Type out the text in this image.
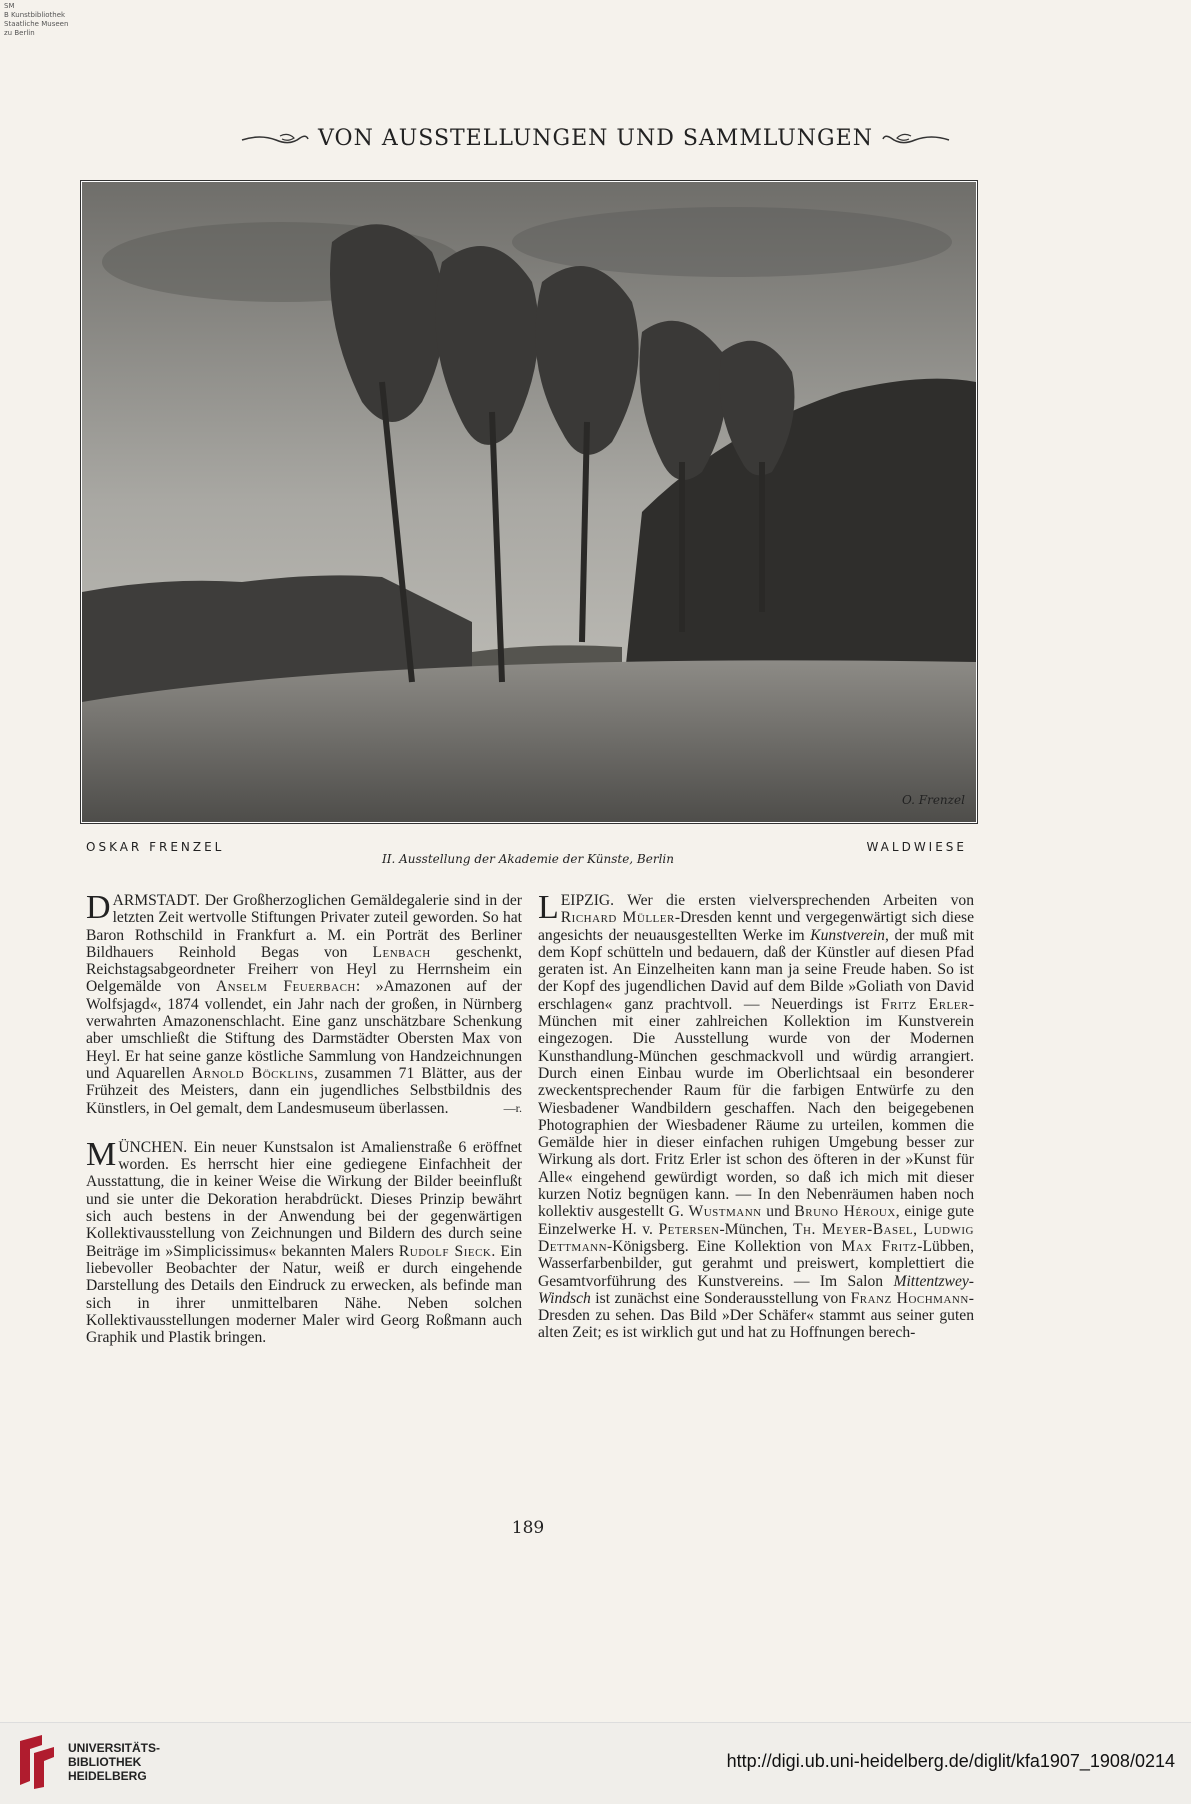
SM
B Kunstbibliothek
Staatliche Museen
zu Berlin
VON AUSSTELLUNGEN UND SAMMLUNGEN
O. Frenzel
OSKAR FRENZEL	WALDWIESE
II. Ausstellung der Akademie der Künste, Berlin

DARMSTADT. Der Großherzoglichen Gemäldegalerie sind in der letzten Zeit wertvolle Stiftungen Privater zuteil geworden. So hat Baron Rothschild in Frankfurt a. M. ein Porträt des Berliner Bildhauers Reinhold Begas von Lenbach geschenkt, Reichstagsabgeordneter Freiherr von Heyl zu Herrnsheim ein Oelgemälde von Anselm Feuerbach: »Amazonen auf der Wolfsjagd«, 1874 vollendet, ein Jahr nach der großen, in Nürnberg verwahrten Amazonenschlacht. Eine ganz unschätzbare Schenkung aber umschließt die Stiftung des Darmstädter Obersten Max von Heyl. Er hat seine ganze köstliche Sammlung von Handzeichnungen und Aquarellen Arnold Böcklins, zusammen 71 Blätter, aus der Frühzeit des Meisters, dann ein jugendliches Selbstbildnis des Künstlers, in Oel gemalt, dem Landesmuseum überlassen.	—r.

MÜNCHEN. Ein neuer Kunstsalon ist Amalienstraße 6 eröffnet worden. Es herrscht hier eine gediegene Einfachheit der Ausstattung, die in keiner Weise die Wirkung der Bilder beeinflußt und sie unter die Dekoration herabdrückt. Dieses Prinzip bewährt sich auch bestens in der Anwendung bei der gegenwärtigen Kollektivausstellung von Zeichnungen und Bildern des durch seine Beiträge im »Simplicissimus« bekannten Malers Rudolf Sieck. Ein liebevoller Beobachter der Natur, weiß er durch eingehende Darstellung des Details den Eindruck zu erwecken, als befinde man sich in ihrer unmittelbaren Nähe. Neben solchen Kollektivausstellungen moderner Maler wird Georg Roßmann auch Graphik und Plastik bringen.

LEIPZIG. Wer die ersten vielversprechenden Arbeiten von Richard Müller-Dresden kennt und vergegenwärtigt sich diese angesichts der neuausgestellten Werke im Kunstverein, der muß mit dem Kopf schütteln und bedauern, daß der Künstler auf diesen Pfad geraten ist. An Einzelheiten kann man ja seine Freude haben. So ist der Kopf des jugendlichen David auf dem Bilde »Goliath von David erschlagen« ganz prachtvoll. — Neuerdings ist Fritz Erler-München mit einer zahlreichen Kollektion im Kunstverein eingezogen. Die Ausstellung wurde von der Modernen Kunsthandlung-München geschmackvoll und würdig arrangiert. Durch einen Einbau wurde im Oberlichtsaal ein besonderer zweckentsprechender Raum für die farbigen Entwürfe zu den Wiesbadener Wandbildern geschaffen. Nach den beigegebenen Photographien der Wiesbadener Räume zu urteilen, kommen die Gemälde hier in dieser einfachen ruhigen Umgebung besser zur Wirkung als dort. Fritz Erler ist schon des öfteren in der »Kunst für Alle« eingehend gewürdigt worden, so daß ich mich mit dieser kurzen Notiz begnügen kann. — In den Nebenräumen haben noch kollektiv ausgestellt G. Wustmann und Bruno Héroux, einige gute Einzelwerke H. v. Petersen-München, Th. Meyer-Basel, Ludwig Dettmann-Königsberg. Eine Kollektion von Max Fritz-Lübben, Wasserfarbenbilder, gut gerahmt und preiswert, komplettiert die Gesamtvorführung des Kunstvereins. — Im Salon Mittentzwey-Windsch ist zunächst eine Sonderausstellung von Franz Hochmann-Dresden zu sehen. Das Bild »Der Schäfer« stammt aus seiner guten alten Zeit; es ist wirklich gut und hat zu Hoffnungen berech-

189
UNIVERSITÄTS-
BIBLIOTHEK
HEIDELBERG
http://digi.ub.uni-heidelberg.de/diglit/kfa1907_1908/0214
